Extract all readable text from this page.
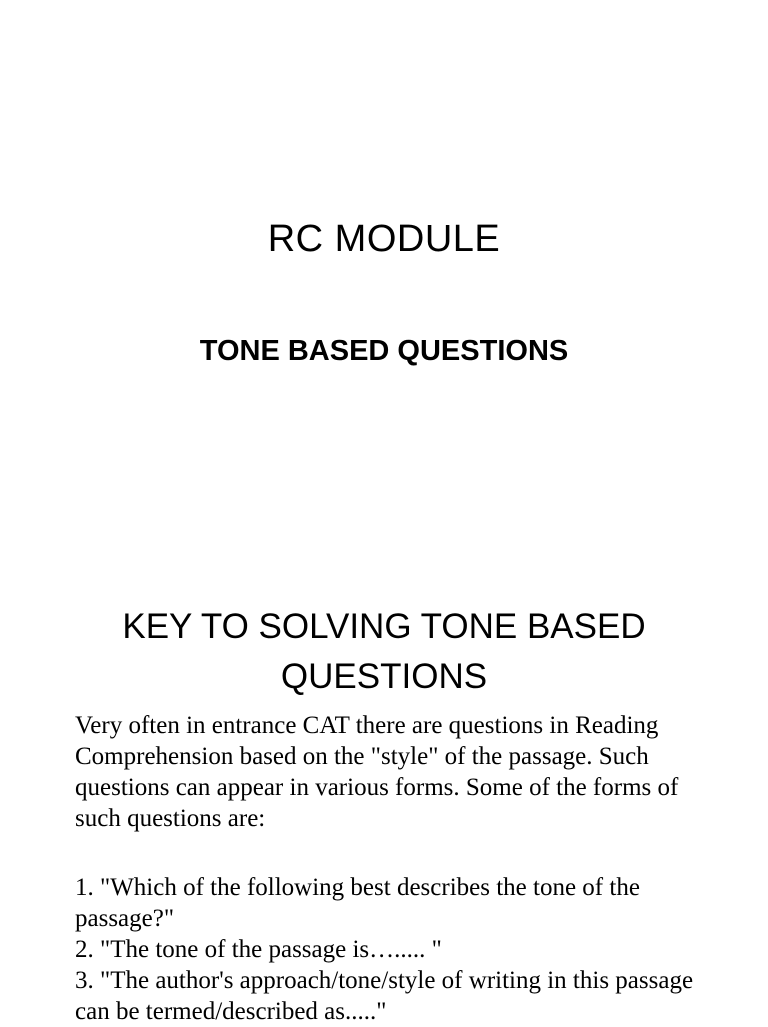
RC MODULE
TONE BASED QUESTIONS
KEY TO SOLVING TONE BASED QUESTIONS

Very often in entrance CAT there are questions in Reading Comprehension based on the "style" of the passage. Such questions can appear in various forms. Some of the forms of such questions are:

1. "Which of the following best describes the tone of the passage?"
2. "The tone of the passage is…..... "
3. "The author's approach/tone/style of writing in this passage can be termed/described as....."
